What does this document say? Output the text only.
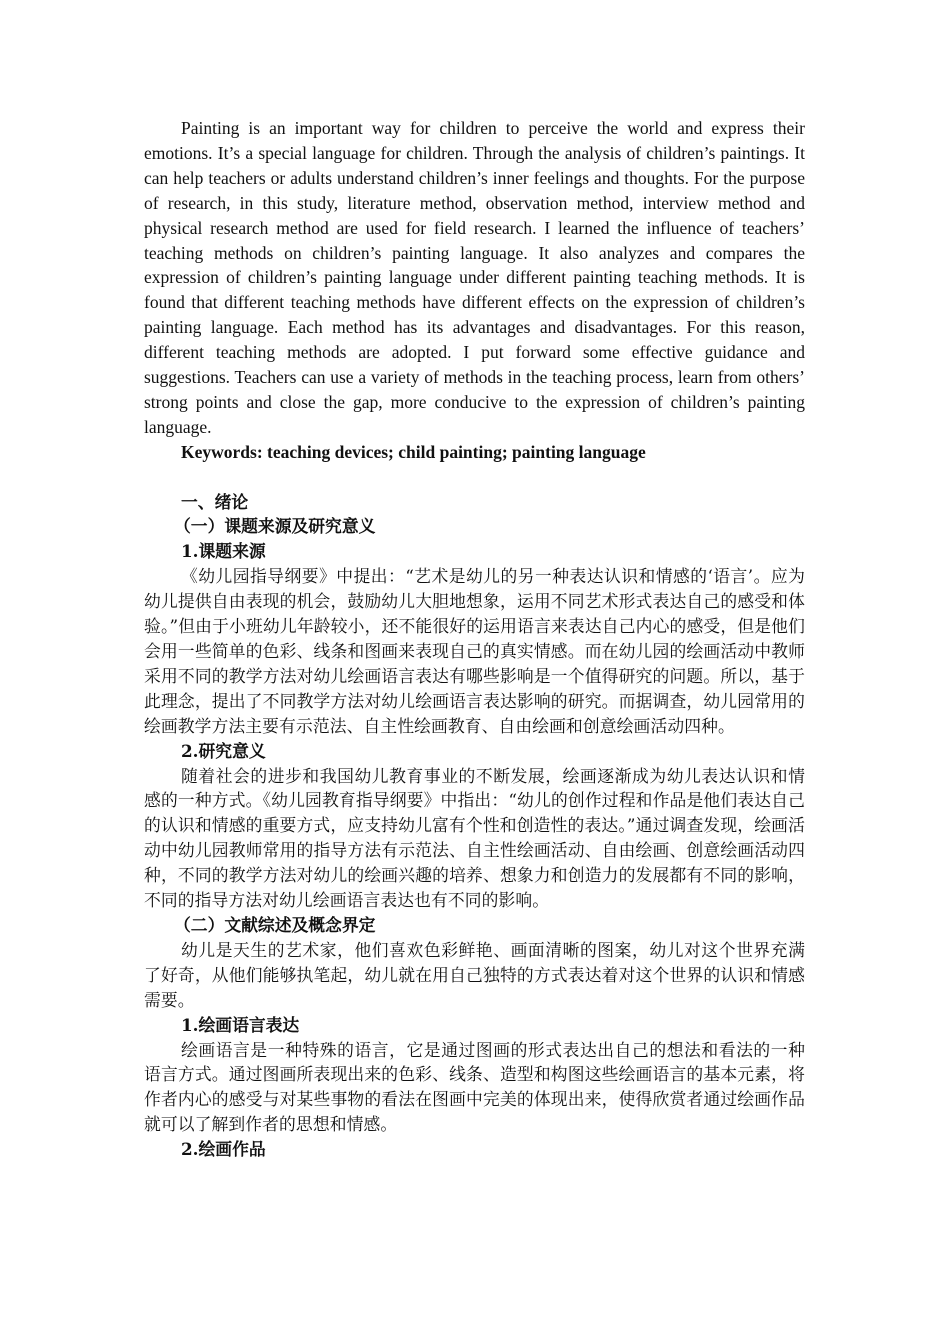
Painting is an important way for children to perceive the world and express their emotions. It’s a special language for children. Through the analysis of children’s paintings. It can help teachers or adults understand children’s inner feelings and thoughts. For the purpose of research, in this study, literature method, observation method, interview method and physical research method are used for field research. I learned the influence of teachers’ teaching methods on children’s painting language. It also analyzes and compares the expression of children’s painting language under different painting teaching methods. It is found that different teaching methods have different effects on the expression of children’s painting language. Each method has its advantages and disadvantages. For this reason, different teaching methods are adopted. I put forward some effective guidance and suggestions. Teachers can use a variety of methods in the teaching process, learn from others’ strong points and close the gap, more conducive to the expression of children’s painting language.

Keywords: teaching devices; child painting; painting language

一、绪论

（一）课题来源及研究意义

1.课题来源

《幼儿园指导纲要》中提出：“艺术是幼儿的另一种表达认识和情感的‘语言’。应为幼儿提供自由表现的机会，鼓励幼儿大胆地想象，运用不同艺术形式表达自己的感受和体验。”但由于小班幼儿年龄较小，还不能很好的运用语言来表达自己内心的感受，但是他们会用一些简单的色彩、线条和图画来表现自己的真实情感。而在幼儿园的绘画活动中教师采用不同的教学方法对幼儿绘画语言表达有哪些影响是一个值得研究的问题。所以，基于此理念，提出了不同教学方法对幼儿绘画语言表达影响的研究。而据调查，幼儿园常用的绘画教学方法主要有示范法、自主性绘画教育、自由绘画和创意绘画活动四种。

2.研究意义

随着社会的进步和我国幼儿教育事业的不断发展，绘画逐渐成为幼儿表达认识和情感的一种方式。《幼儿园教育指导纲要》中指出：“幼儿的创作过程和作品是他们表达自己的认识和情感的重要方式，应支持幼儿富有个性和创造性的表达。”通过调查发现，绘画活动中幼儿园教师常用的指导方法有示范法、自主性绘画活动、自由绘画、创意绘画活动四种，不同的教学方法对幼儿的绘画兴趣的培养、想象力和创造力的发展都有不同的影响，不同的指导方法对幼儿绘画语言表达也有不同的影响。

（二）文献综述及概念界定

幼儿是天生的艺术家，他们喜欢色彩鲜艳、画面清晰的图案，幼儿对这个世界充满了好奇，从他们能够执笔起，幼儿就在用自己独特的方式表达着对这个世界的认识和情感需要。

1.绘画语言表达

绘画语言是一种特殊的语言，它是通过图画的形式表达出自己的想法和看法的一种语言方式。通过图画所表现出来的色彩、线条、造型和构图这些绘画语言的基本元素，将作者内心的感受与对某些事物的看法在图画中完美的体现出来，使得欣赏者通过绘画作品就可以了解到作者的思想和情感。

2.绘画作品
